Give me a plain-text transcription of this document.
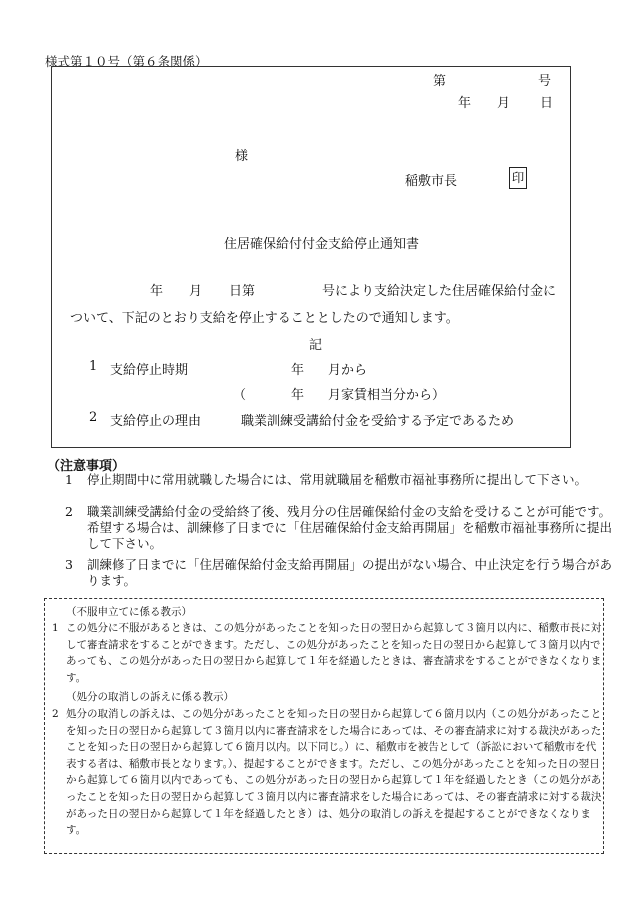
様式第１０号（第６条関係）
第	号
年 月 日
様
稲敷市長	印
住居確保給付付金支給停止通知書
年 月 日第	号により支給決定した住居確保給付金に
ついて、下記のとおり支給を停止することとしたので通知します。
記
1 支給停止時期	年 月から
（	年 月家賃相当分から）
2 支給停止の理由	職業訓練受講給付金を受給する予定であるため
（注意事項）
1 停止期間中に常用就職した場合には、常用就職届を稲敷市福祉事務所に提出して下さい。
2 職業訓練受講給付金の受給終了後、残月分の住居確保給付金の支給を受けることが可能です。希望する場合は、訓練修了日までに「住居確保給付金支給再開届」を稲敷市福祉事務所に提出して下さい。
3 訓練修了日までに「住居確保給付金支給再開届」の提出がない場合、中止決定を行う場合があります。
（不服申立てに係る教示）
1 この処分に不服があるときは、この処分があったことを知った日の翌日から起算して３箇月以内に、稲敷市長に対して審査請求をすることができます。ただし、この処分があったことを知った日の翌日から起算して３箇月以内であっても、この処分があった日の翌日から起算して１年を経過したときは、審査請求をすることができなくなります。
（処分の取消しの訴えに係る教示）
2 処分の取消しの訴えは、この処分があったことを知った日の翌日から起算して６箇月以内（この処分があったことを知った日の翌日から起算して３箇月以内に審査請求をした場合にあっては、その審査請求に対する裁決があったことを知った日の翌日から起算して６箇月以内。以下同じ。）に、稲敷市を被告として（訴訟において稲敷市を代表する者は、稲敷市長となります。）、提起することができます。ただし、この処分があったことを知った日の翌日から起算して６箇月以内であっても、この処分があった日の翌日から起算して１年を経過したとき（この処分があったことを知った日の翌日から起算して３箇月以内に審査請求をした場合にあっては、その審査請求に対する裁決があった日の翌日から起算して１年を経過したとき）は、処分の取消しの訴えを提起することができなくなります。
